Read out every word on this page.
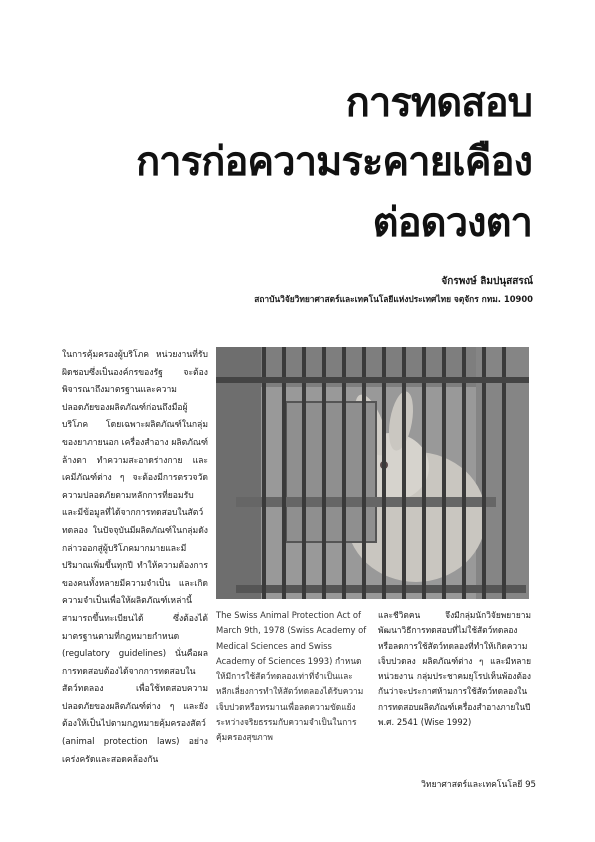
การทดสอบ
การก่อความระคายเคือง
ต่อดวงตา
จักรพงษ์ ลิมปนุสสรณ์
สถาบันวิจัยวิทยาศาสตร์และเทคโนโลยีแห่งประเทศไทย จตุจักร กทม. 10900
ในการคุ้มครองผู้บริโภค หน่วยงานที่รับผิดชอบซึ่งเป็นองค์กรของรัฐ จะต้องพิจารณาถึงมาตรฐานและความปลอดภัยของผลิตภัณฑ์ก่อนถึงมือผู้บริโภค โดยเฉพาะผลิตภัณฑ์ในกลุ่มของยาภายนอก เครื่องสำอาง ผลิตภัณฑ์ล้างตา ทำความสะอาดร่างกาย และเคมีภัณฑ์ต่าง ๆ จะต้องมีการตรวจวัดความปลอดภัยตามหลักการที่ยอมรับและมีข้อมูลที่ได้จากการทดสอบในสัตว์ทดลอง ในปัจจุบันมีผลิตภัณฑ์ในกลุ่มดังกล่าวออกสู่ผู้บริโภคมากมายและมีปริมาณเพิ่มขึ้นทุกปี ทำให้ความต้องการของคนทั้งหลายมีความจำเป็น และเกิดความจำเป็นเพื่อให้ผลิตภัณฑ์เหล่านี้สามารถขึ้นทะเบียนได้ ซึ่งต้องได้มาตรฐานตามที่กฎหมายกำหนด (regulatory guidelines) นั่นคือผลการทดสอบต้องได้จากการทดสอบในสัตว์ทดลอง เพื่อใช้ทดสอบความปลอดภัยของผลิตภัณฑ์ต่าง ๆ และยังต้องให้เป็นไปตามกฎหมายคุ้มครองสัตว์ (animal protection laws) อย่างเคร่งครัดและสอดคล้องกัน
The Swiss Animal Protection Act of March 9th, 1978 (Swiss Academy of Medical Sciences and Swiss Academy of Sciences 1993) กำหนดให้มีการใช้สัตว์ทดลองเท่าที่จำเป็นและหลีกเลี่ยงการทำให้สัตว์ทดลองได้รับความเจ็บปวดหรือทรมานเพื่อลดความขัดแย้งระหว่างจริยธรรมกับความจำเป็นในการคุ้มครองสุขภาพ
และชีวิตคน จึงมีกลุ่มนักวิจัยพยายามพัฒนาวิธีการทดสอบที่ไม่ใช้สัตว์ทดลองหรือลดการใช้สัตว์ทดลองที่ทำให้เกิดความเจ็บปวดลง ผลิตภัณฑ์ต่าง ๆ และมีหลายหน่วยงาน กลุ่มประชาคมยุโรปเห็นพ้องต้องกันว่าจะประกาศห้ามการใช้สัตว์ทดลองในการทดสอบผลิตภัณฑ์เครื่องสำอางภายในปี พ.ศ. 2541 (Wise 1992)
วิทยาศาสตร์และเทคโนโลยี 95
